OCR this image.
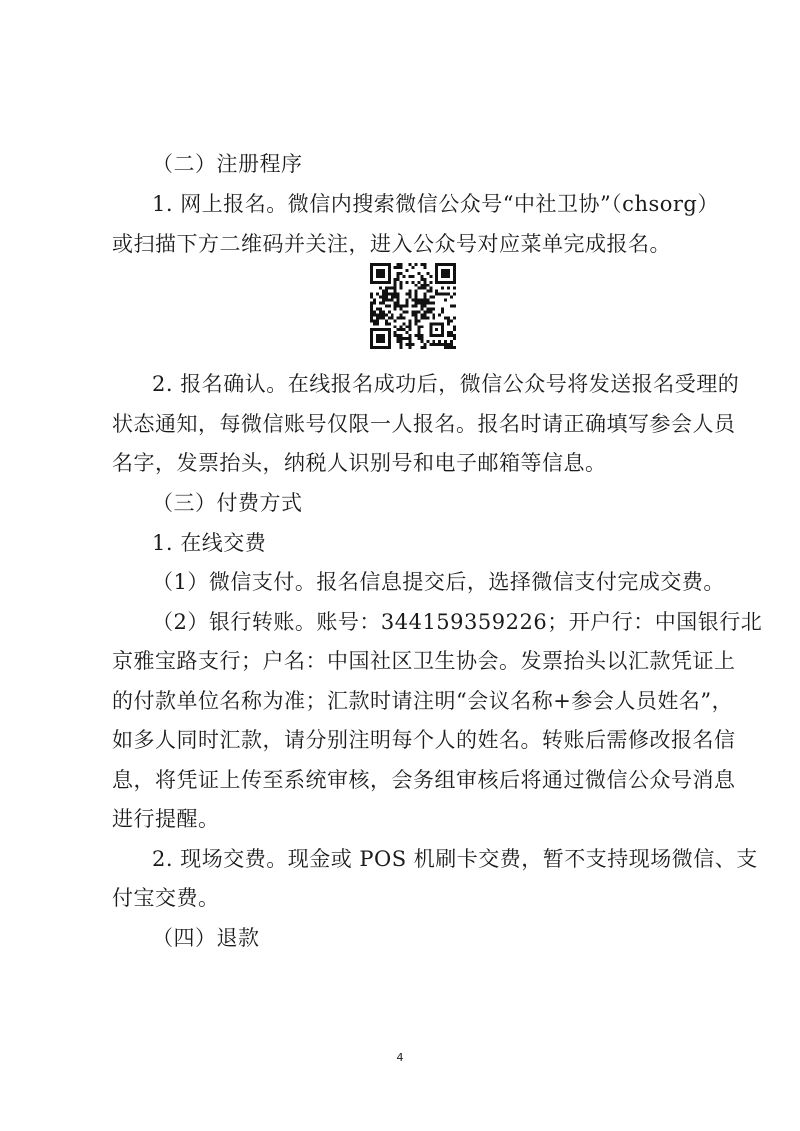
（二）注册程序
1. 网上报名。微信内搜索微信公众号“中社卫协”（chsorg）
或扫描下方二维码并关注，进入公众号对应菜单完成报名。
2. 报名确认。在线报名成功后，微信公众号将发送报名受理的
状态通知，每微信账号仅限一人报名。报名时请正确填写参会人员
名字，发票抬头，纳税人识别号和电子邮箱等信息。
（三）付费方式
1. 在线交费
（1）微信支付。报名信息提交后，选择微信支付完成交费。
（2）银行转账。账号：344159359226；开户行：中国银行北
京雅宝路支行；户名：中国社区卫生协会。发票抬头以汇款凭证上
的付款单位名称为准；汇款时请注明“会议名称+参会人员姓名”，
如多人同时汇款，请分别注明每个人的姓名。转账后需修改报名信
息，将凭证上传至系统审核，会务组审核后将通过微信公众号消息
进行提醒。
2. 现场交费。现金或 POS 机刷卡交费，暂不支持现场微信、支
付宝交费。
（四）退款
4
